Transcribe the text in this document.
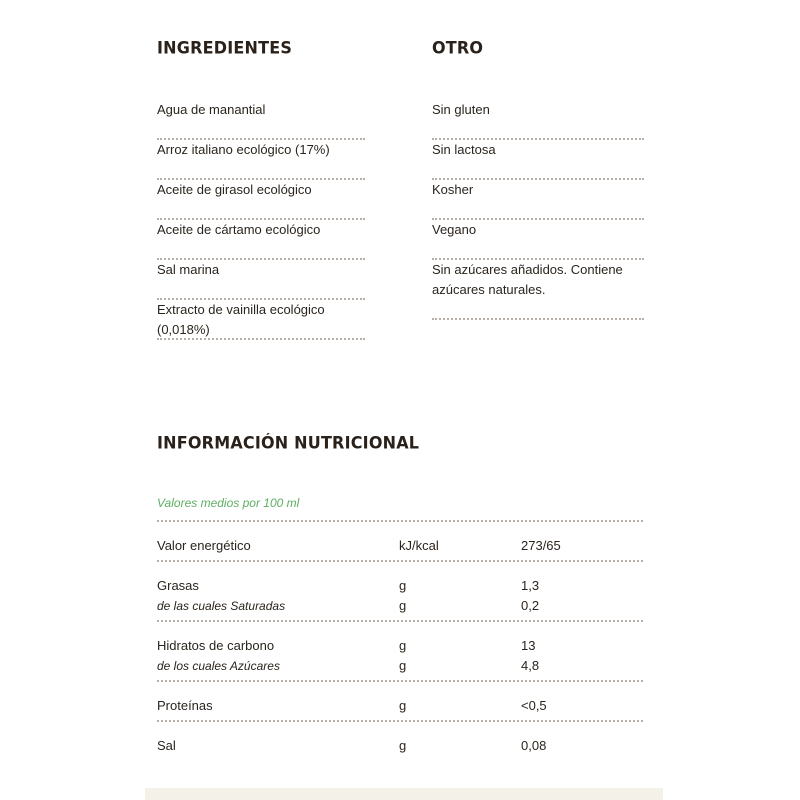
INGREDIENTES
Agua de manantial
Arroz italiano ecológico (17%)
Aceite de girasol ecológico
Aceite de cártamo ecológico
Sal marina
Extracto de vainilla ecológico (0,018%)
OTRO
Sin gluten
Sin lactosa
Kosher
Vegano
Sin azúcares añadidos. Contiene
azúcares naturales.
INFORMACIÓN NUTRICIONAL
Valores medios por 100 ml
Valor energético	kJ/kcal	273/65
Grasas	g	1,3
de las cuales Saturadas	g	0,2
Hidratos de carbono	g	13
de los cuales Azúcares	g	4,8
Proteínas	g	<0,5
Sal	g	0,08
